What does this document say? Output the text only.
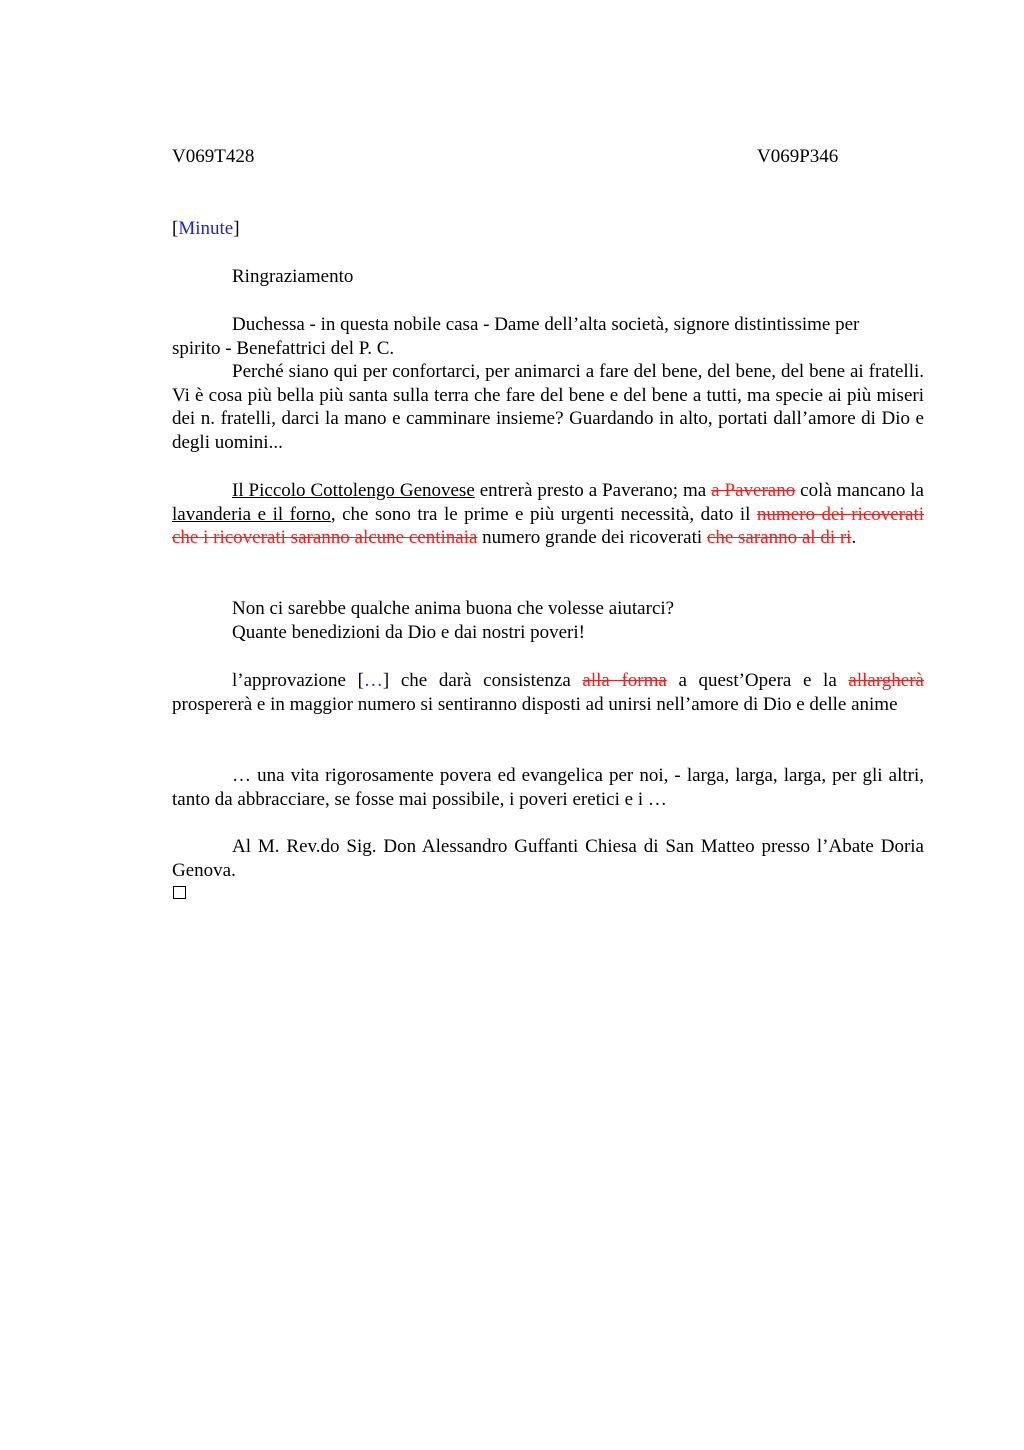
V069T428	V069P346
[Minute]

Ringraziamento

Duchessa - in questa nobile casa - Dame dell’alta società, signore distintissime per
spirito - Benefattrici del P. C.

Perché siano qui per confortarci, per animarci a fare del bene, del bene, del bene ai fratelli. Vi è cosa più bella più santa sulla terra che fare del bene e del bene a tutti, ma specie ai più miseri dei n. fratelli, darci la mano e camminare insieme? Guardando in alto, portati dall’amore di Dio e degli uomini...

Il Piccolo Cottolengo Genovese entrerà presto a Paverano; ma a Paverano colà mancano la lavanderia e il forno, che sono tra le prime e più urgenti necessità, dato il numero dei ricoverati che i ricoverati saranno alcune centinaia numero grande dei ricoverati che saranno al di ri.

Non ci sarebbe qualche anima buona che volesse aiutarci?
Quante benedizioni da Dio e dai nostri poveri!

l’approvazione […] che darà consistenza alla forma a quest’Opera e la allargherà prospererà e in maggior numero si sentiranno disposti ad unirsi nell’amore di Dio e delle anime

… una vita rigorosamente povera ed evangelica per noi, - larga, larga, larga, per gli altri, tanto da abbracciare, se fosse mai possibile, i poveri eretici e i …

Al M. Rev.do Sig. Don Alessandro Guffanti Chiesa di San Matteo presso l’Abate Doria Genova.
